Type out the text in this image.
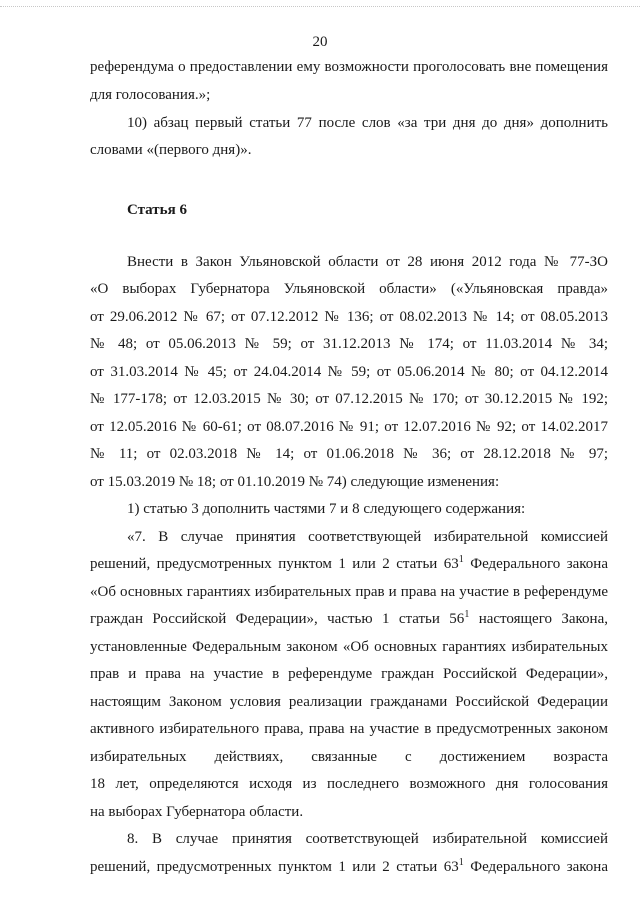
20
референдума о предоставлении ему возможности проголосовать вне помещения
для голосования.»;
10) абзац первый статьи 77 после слов «за три дня до дня» дополнить
словами «(первого дня)».
Статья 6
Внести в Закон Ульяновской области от 28 июня 2012 года № 77-ЗО
«О выборах Губернатора Ульяновской области» («Ульяновская правда»
от 29.06.2012 № 67; от 07.12.2012 № 136; от 08.02.2013 № 14; от 08.05.2013
№ 48; от 05.06.2013 № 59; от 31.12.2013 № 174; от 11.03.2014 № 34;
от 31.03.2014 № 45; от 24.04.2014 № 59; от 05.06.2014 № 80; от 04.12.2014
№ 177-178; от 12.03.2015 № 30; от 07.12.2015 № 170; от 30.12.2015 № 192;
от 12.05.2016 № 60-61; от 08.07.2016 № 91; от 12.07.2016 № 92; от 14.02.2017
№ 11; от 02.03.2018 № 14; от 01.06.2018 № 36; от 28.12.2018 № 97;
от 15.03.2019 № 18; от 01.10.2019 № 74) следующие изменения:
1) статью 3 дополнить частями 7 и 8 следующего содержания:
«7. В случае принятия соответствующей избирательной комиссией
решений, предусмотренных пунктом 1 или 2 статьи $63^1$ Федерального закона
«Об основных гарантиях избирательных прав и права на участие в референдуме
граждан Российской Федерации», частью 1 статьи $56^1$ настоящего Закона,
установленные Федеральным законом «Об основных гарантиях избирательных
прав и права на участие в референдуме граждан Российской Федерации»,
настоящим Законом условия реализации гражданами Российской Федерации
активного избирательного права, права на участие в предусмотренных законом
избирательных действиях, связанные с достижением возраста
18 лет, определяются исходя из последнего возможного дня голосования
на выборах Губернатора области.
8. В случае принятия соответствующей избирательной комиссией
решений, предусмотренных пунктом 1 или 2 статьи $63^1$ Федерального закона
